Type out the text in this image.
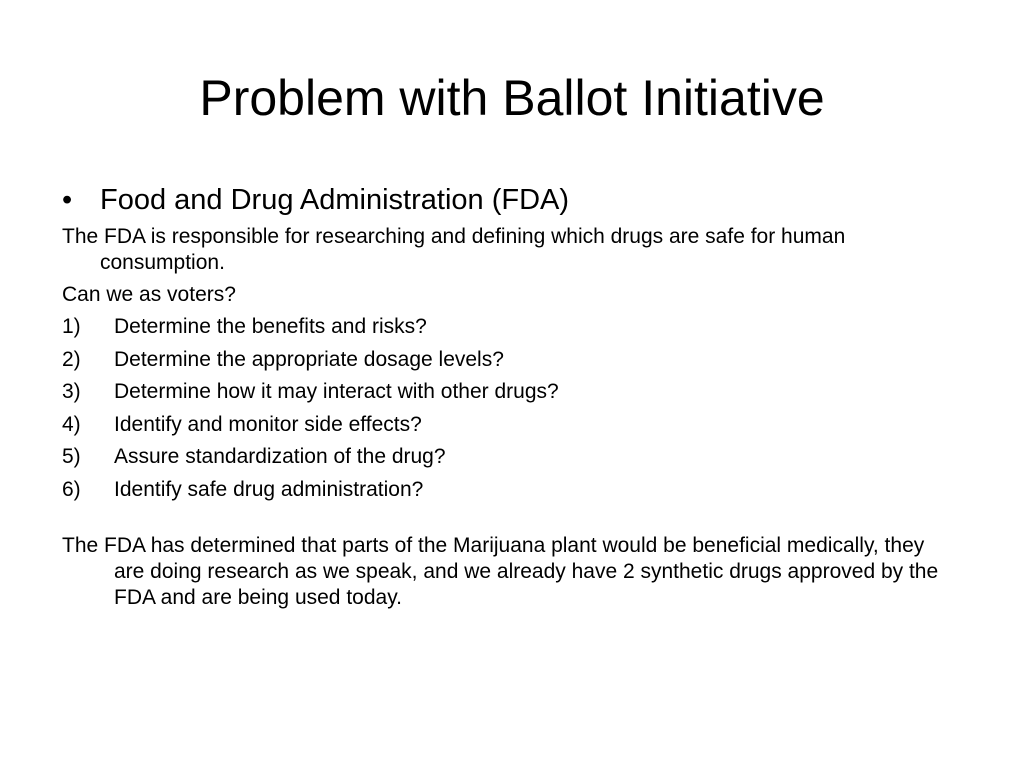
Problem with Ballot Initiative
• Food and Drug Administration (FDA)

The FDA is responsible for researching and defining which drugs are safe for human consumption.

Can we as voters?

1)	Determine the benefits and risks?
2)	Determine the appropriate dosage levels?
3)	Determine how it may interact with other drugs?
4)	Identify and monitor side effects?
5)	Assure standardization of the drug?
6)	Identify safe drug administration?

The FDA has determined that parts of the Marijuana plant would be beneficial medically, they are doing research as we speak, and we already have 2 synthetic drugs approved by the FDA and are being used today.
